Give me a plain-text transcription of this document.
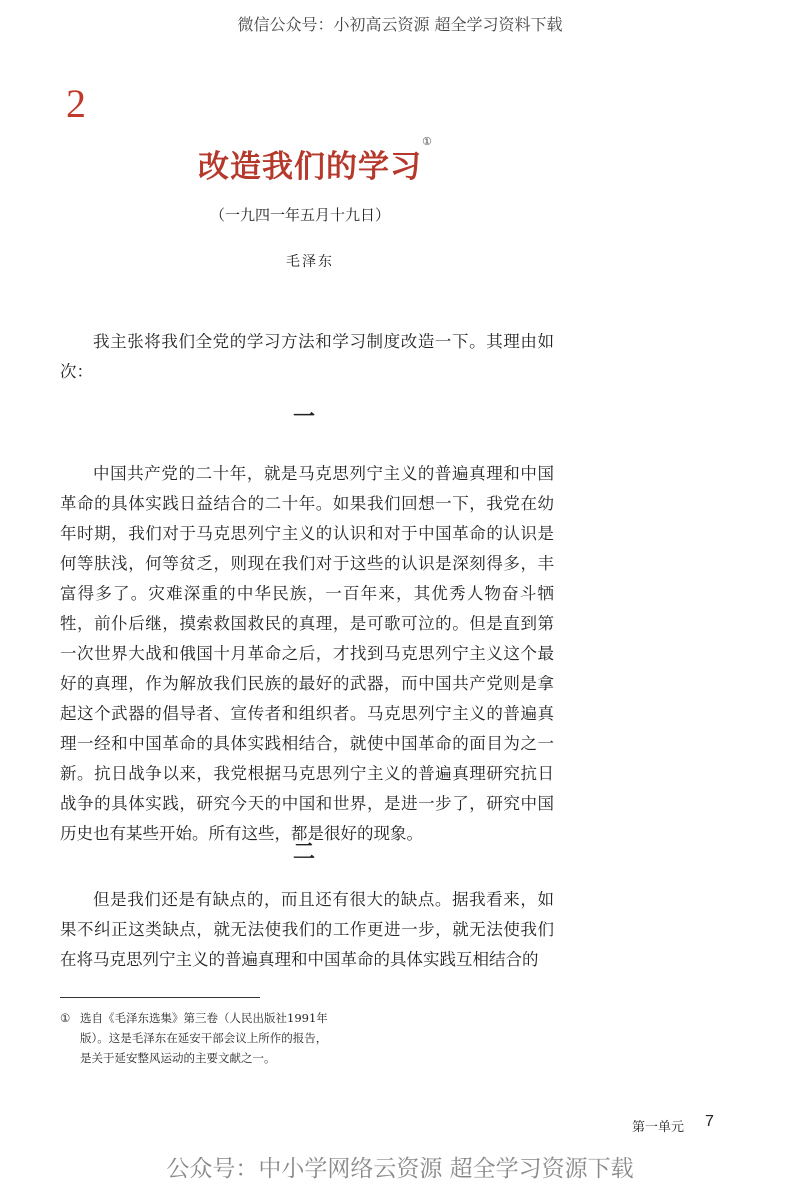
微信公众号：小初高云资源 超全学习资料下载
2
改造我们的学习①
（一九四一年五月十九日）
毛泽东
我主张将我们全党的学习方法和学习制度改造一下。其理由如次：
一
中国共产党的二十年，就是马克思列宁主义的普遍真理和中国革命的具体实践日益结合的二十年。如果我们回想一下，我党在幼年时期，我们对于马克思列宁主义的认识和对于中国革命的认识是何等肤浅，何等贫乏，则现在我们对于这些的认识是深刻得多，丰富得多了。灾难深重的中华民族，一百年来，其优秀人物奋斗牺牲，前仆后继，摸索救国救民的真理，是可歌可泣的。但是直到第一次世界大战和俄国十月革命之后，才找到马克思列宁主义这个最好的真理，作为解放我们民族的最好的武器，而中国共产党则是拿起这个武器的倡导者、宣传者和组织者。马克思列宁主义的普遍真理一经和中国革命的具体实践相结合，就使中国革命的面目为之一新。抗日战争以来，我党根据马克思列宁主义的普遍真理研究抗日战争的具体实践，研究今天的中国和世界，是进一步了，研究中国历史也有某些开始。所有这些，都是很好的现象。
二
但是我们还是有缺点的，而且还有很大的缺点。据我看来，如果不纠正这类缺点，就无法使我们的工作更进一步，就无法使我们在将马克思列宁主义的普遍真理和中国革命的具体实践互相结合的
① 选自《毛泽东选集》第三卷（人民出版社1991年
版）。这是毛泽东在延安干部会议上所作的报告，
是关于延安整风运动的主要文献之一。
第一单元 7
公众号：中小学网络云资源 超全学习资源下载
